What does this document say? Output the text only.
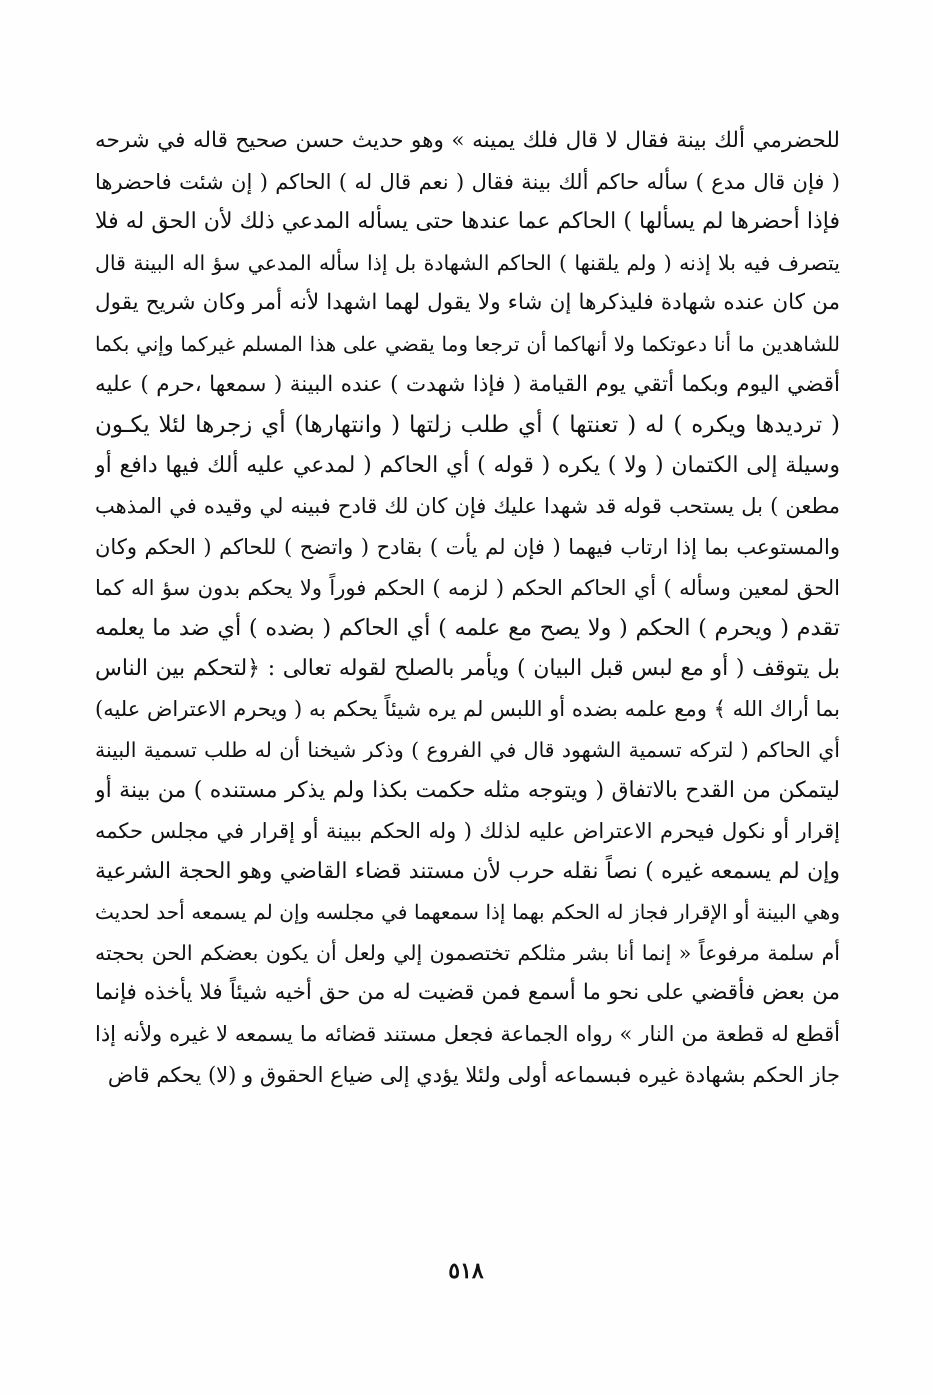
للحضرمي ألك بينة فقال لا قال فلك يمينه » وهو حديث حسن صحيح قاله في شرحه
( فإن قال مدع ) سأله حاكم ألك بينة فقال ( نعم قال له ) الحاكم ( إن شئت فاحضرها
فإذا أحضرها لم يسألها ) الحاكم عما عندها حتى يسأله المدعي ذلك لأن الحق له فلا
يتصرف فيه بلا إذنه ( ولم يلقنها ) الحاكم الشهادة بل إذا سأله المدعي سؤ اله البينة قال
من كان عنده شهادة فليذكرها إن شاء ولا يقول لهما اشهدا لأنه أمر وكان شريح يقول
للشاهدين ما أنا دعوتكما ولا أنهاكما أن ترجعا وما يقضي على هذا المسلم غيركما وإني بكما
أقضي اليوم وبكما أتقي يوم القيامة ( فإذا شهدت ) عنده البينة ( سمعها ،حرم ) عليه
( ترديدها ويكره ) له ( تعنتها ) أي طلب زلتها ( وانتهارها) أي زجرها لئلا يكـون
وسيلة إلى الكتمان ( ولا ) يكره ( قوله ) أي الحاكم ( لمدعي عليه ألك فيها دافع أو
مطعن ) بل يستحب قوله قد شهدا عليك فإن كان لك قادح فبينه لي وقيده في المذهب
والمستوعب بما إذا ارتاب فيهما ( فإن لم يأت ) بقادح ( واتضح ) للحاكم ( الحكم وكان
الحق لمعين وسأله ) أي الحاكم الحكم ( لزمه ) الحكم فوراً ولا يحكم بدون سؤ اله كما
تقدم ( ويحرم ) الحكم ( ولا يصح مع علمه ) أي الحاكم ( بضده ) أي ضد ما يعلمه
بل يتوقف ( أو مع لبس قبل البيان ) ويأمر بالصلح لقوله تعالى : ﴿لتحكم بين الناس
بما أراك الله ﴾ ومع علمه بضده أو اللبس لم يره شيئاً يحكم به ( ويحرم الاعتراض عليه)
أي الحاكم ( لتركه تسمية الشهود قال في الفروع ) وذكر شيخنا أن له طلب تسمية البينة
ليتمكن من القدح بالاتفاق ( ويتوجه مثله حكمت بكذا ولم يذكر مستنده ) من بينة أو
إقرار أو نكول فيحرم الاعتراض عليه لذلك ( وله الحكم ببينة أو إقرار في مجلس حكمه
وإن لم يسمعه غيره ) نصاً نقله حرب لأن مستند قضاء القاضي وهو الحجة الشرعية
وهي البينة أو الإقرار فجاز له الحكم بهما إذا سمعهما في مجلسه وإن لم يسمعه أحد لحديث
أم سلمة مرفوعاً « إنما أنا بشر مثلكم تختصمون إلي ولعل أن يكون بعضكم الحن بحجته
من بعض فأقضي على نحو ما أسمع فمن قضيت له من حق أخيه شيئاً فلا يأخذه فإنما
أقطع له قطعة من النار » رواه الجماعة فجعل مستند قضائه ما يسمعه لا غيره ولأنه إذا
جاز الحكم بشهادة غيره فبسماعه أولى ولئلا يؤدي إلى ضياع الحقوق و (لا) يحكم قاض
٥١٨
